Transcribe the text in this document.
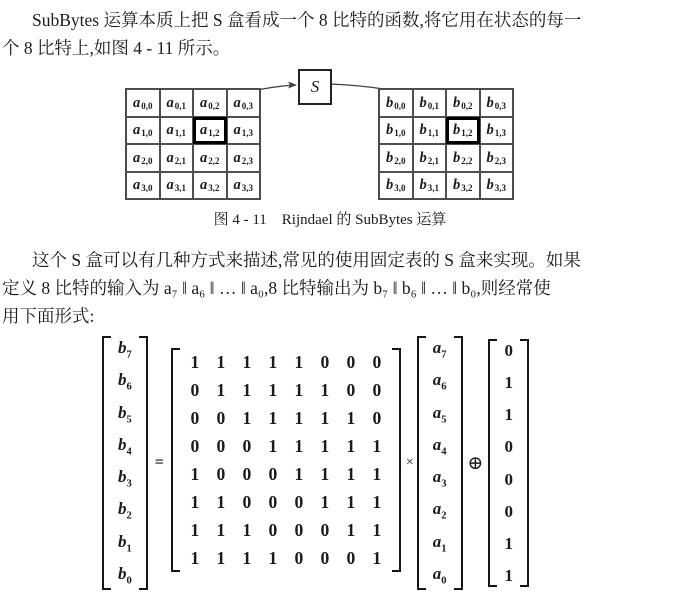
SubBytes 运算本质上把 S 盒看成一个 8 比特的函数,将它用在状态的每一
个 8 比特上,如图 4 - 11 所示。
$a_{0,0}$ $a_{0,1}$ $a_{0,2}$ $a_{0,3}$
$a_{1,0}$ $a_{1,1}$ $a_{1,2}$ $a_{1,3}$
$a_{2,0}$ $a_{2,1}$ $a_{2,2}$ $a_{2,3}$
$a_{3,0}$ $a_{3,1}$ $a_{3,2}$ $a_{3,3}$
S
$b_{0,0}$ $b_{0,1}$ $b_{0,2}$ $b_{0,3}$
$b_{1,0}$ $b_{1,1}$ $b_{1,2}$ $b_{1,3}$
$b_{2,0}$ $b_{2,1}$ $b_{2,2}$ $b_{2,3}$
$b_{3,0}$ $b_{3,1}$ $b_{3,2}$ $b_{3,3}$
图 4 - 11　Rijndael 的 SubBytes 运算
这个 S 盒可以有几种方式来描述,常见的使用固定表的 S 盒来实现。如果
定义 8 比特的输入为 a₇ ‖ a₆ ‖ … ‖ a₀,8 比特输出为 b₇ ‖ b₆ ‖ … ‖ b₀,则经常使
用下面形式:
$b_7$
$b_6$
$b_5$
$b_4$
$b_3$
$b_2$
$b_1$
$b_0$
=
1 1 1 1 1 0 0 0
0 1 1 1 1 1 0 0
0 0 1 1 1 1 1 0
0 0 0 1 1 1 1 1
1 0 0 0 1 1 1 1
1 1 0 0 0 1 1 1
1 1 1 0 0 0 1 1
1 1 1 1 0 0 0 1
×
$a_7$
$a_6$
$a_5$
$a_4$
$a_3$
$a_2$
$a_1$
$a_0$
⊕
0
1
1
0
0
0
1
1
